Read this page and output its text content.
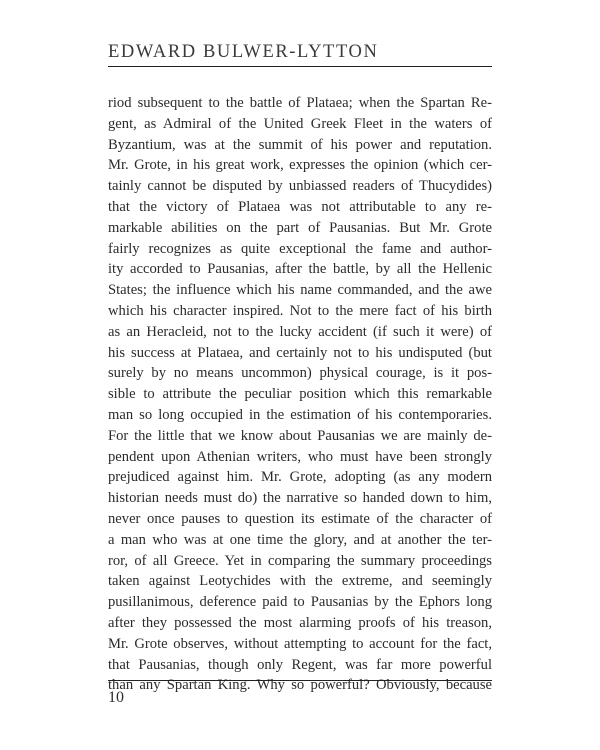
EDWARD BULWER-LYTTON
riod subsequent to the battle of Plataea; when the Spartan Re-
gent, as Admiral of the United Greek Fleet in the waters of
Byzantium, was at the summit of his power and reputation.
Mr. Grote, in his great work, expresses the opinion (which cer-
tainly cannot be disputed by unbiassed readers of Thucydides)
that the victory of Plataea was not attributable to any re-
markable abilities on the part of Pausanias. But Mr. Grote
fairly recognizes as quite exceptional the fame and author-
ity accorded to Pausanias, after the battle, by all the Hellenic
States; the influence which his name commanded, and the awe
which his character inspired. Not to the mere fact of his birth
as an Heracleid, not to the lucky accident (if such it were) of
his success at Plataea, and certainly not to his undisputed (but
surely by no means uncommon) physical courage, is it pos-
sible to attribute the peculiar position which this remarkable
man so long occupied in the estimation of his contemporaries.
For the little that we know about Pausanias we are mainly de-
pendent upon Athenian writers, who must have been strongly
prejudiced against him. Mr. Grote, adopting (as any modern
historian needs must do) the narrative so handed down to him,
never once pauses to question its estimate of the character of
a man who was at one time the glory, and at another the ter-
ror, of all Greece. Yet in comparing the summary proceedings
taken against Leotychides with the extreme, and seemingly
pusillanimous, deference paid to Pausanias by the Ephors long
after they possessed the most alarming proofs of his treason,
Mr. Grote observes, without attempting to account for the fact,
that Pausanias, though only Regent, was far more powerful
than any Spartan King. Why so powerful? Obviously, because
10
